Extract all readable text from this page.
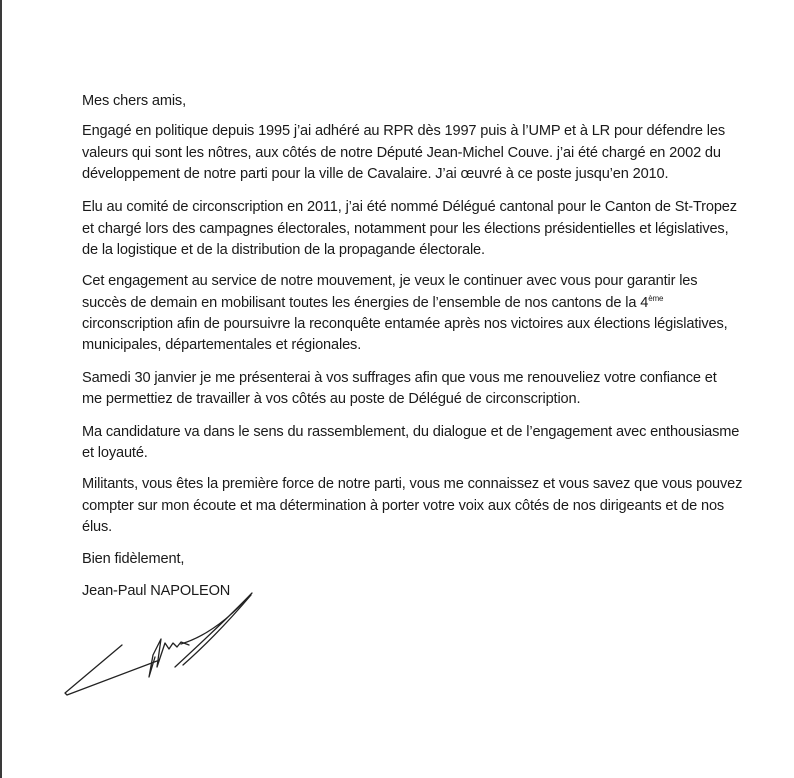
Mes chers amis,
Engagé en politique depuis 1995 j’ai adhéré au RPR dès 1997 puis à l’UMP et à LR pour défendre les
valeurs qui sont les nôtres, aux côtés de notre Député Jean-Michel Couve. j’ai été chargé en 2002 du
développement de notre parti pour la ville de Cavalaire. J’ai œuvré à ce poste jusqu’en 2010.
Elu au comité de circonscription en 2011, j’ai été nommé Délégué cantonal pour le Canton de St-Tropez
et chargé lors des campagnes électorales, notamment pour les élections présidentielles et législatives,
de la logistique et de la distribution de la propagande électorale.
Cet engagement au service de notre mouvement, je veux le continuer avec vous pour garantir les
succès de demain en mobilisant toutes les énergies de l’ensemble de nos cantons de la 4ème
circonscription afin de poursuivre la reconquête entamée après nos victoires aux élections législatives,
municipales, départementales et régionales.
Samedi 30 janvier je me présenterai à vos suffrages afin que vous me renouveliez votre confiance et
me permettiez de travailler à vos côtés au poste de Délégué de circonscription.
Ma candidature va dans le sens du rassemblement, du dialogue et de l’engagement avec enthousiasme
et loyauté.
Militants, vous êtes la première force de notre parti, vous me connaissez et vous savez que vous pouvez
compter sur mon écoute et ma détermination à porter votre voix aux côtés de nos dirigeants et de nos
élus.
Bien fidèlement,
Jean-Paul NAPOLEON
